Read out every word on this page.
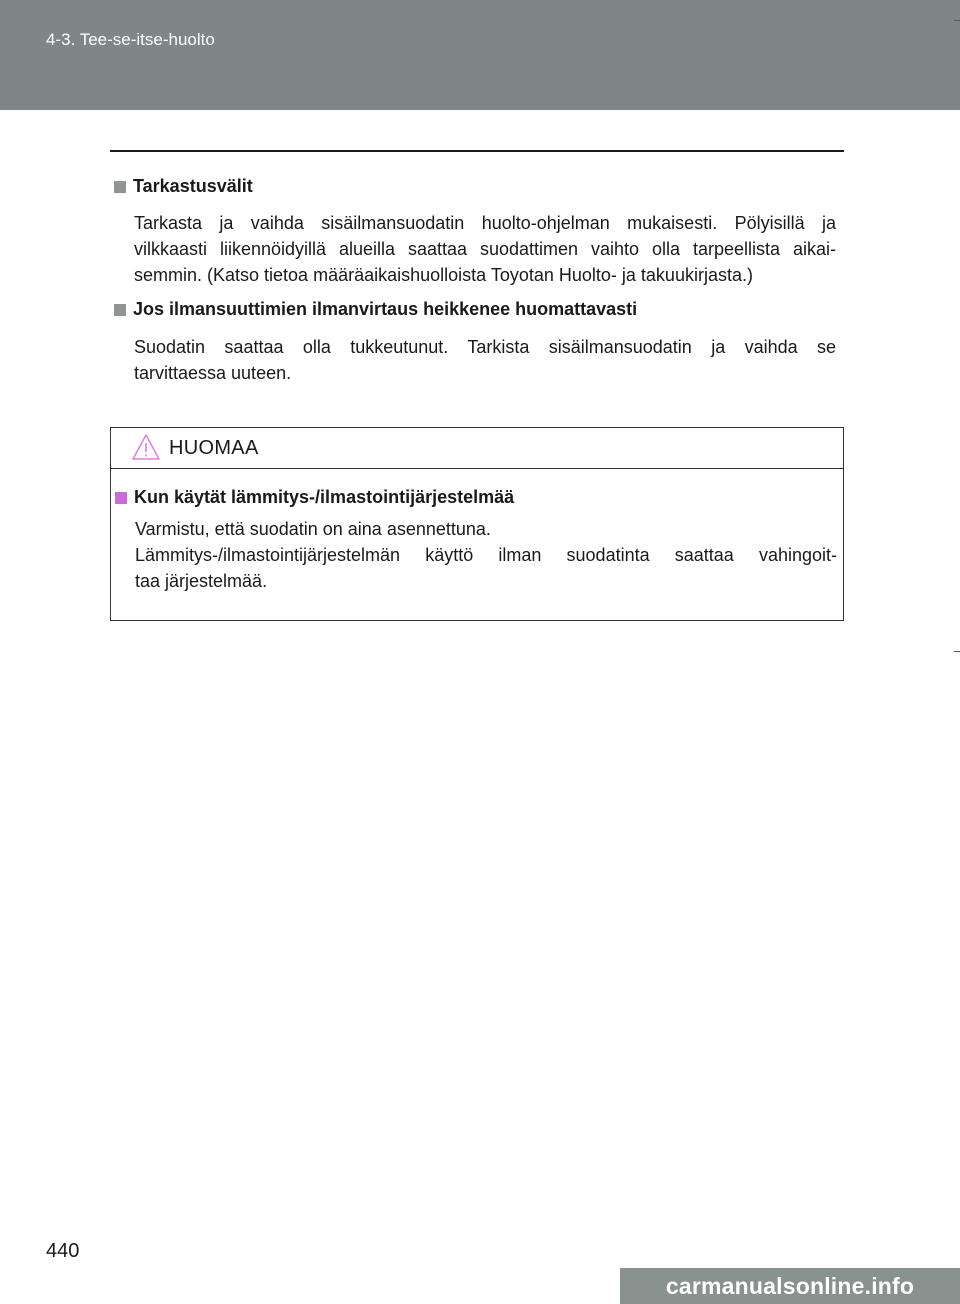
4-3. Tee-se-itse-huolto
Tarkastusvälit
Tarkasta ja vaihda sisäilmansuodatin huolto-ohjelman mukaisesti. Pölyisillä ja
vilkkaasti liikennöidyillä alueilla saattaa suodattimen vaihto olla tarpeellista aikai-
semmin. (Katso tietoa määräaikaishuolloista Toyotan Huolto- ja takuukirjasta.)
Jos ilmansuuttimien ilmanvirtaus heikkenee huomattavasti
Suodatin saattaa olla tukkeutunut. Tarkista sisäilmansuodatin ja vaihda se
tarvittaessa uuteen.
HUOMAA
Kun käytät lämmitys-/ilmastointijärjestelmää
Varmistu, että suodatin on aina asennettuna.
Lämmitys-/ilmastointijärjestelmän käyttö ilman suodatinta saattaa vahingoit-
taa järjestelmää.
440
carmanualsonline.info
